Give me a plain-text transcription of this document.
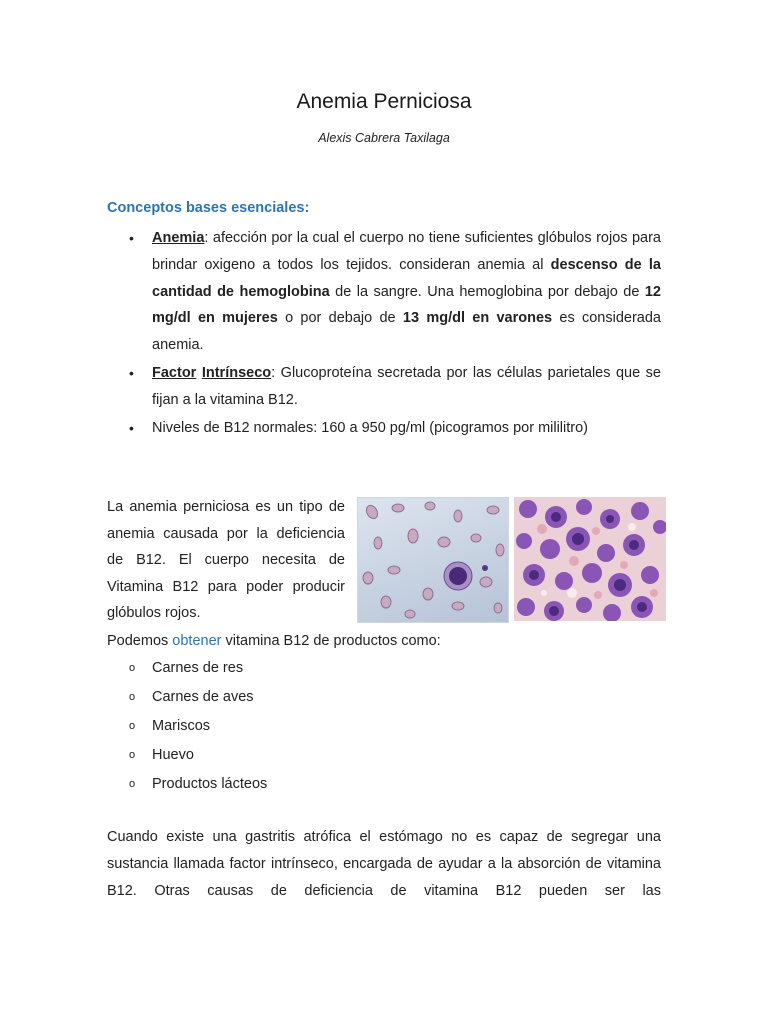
Anemia Perniciosa
Alexis Cabrera Taxilaga
Conceptos bases esenciales:
• Anemia: afección por la cual el cuerpo no tiene suficientes glóbulos rojos para brindar oxigeno a todos los tejidos. consideran anemia al descenso de la cantidad de hemoglobina de la sangre. Una hemoglobina por debajo de 12 mg/dl en mujeres o por debajo de 13 mg/dl en varones es considerada anemia.
• Factor Intrínseco: Glucoproteína secretada por las células parietales que se fijan a la vitamina B12.
• Niveles de B12 normales: 160 a 950 pg/ml (picogramos por mililitro)
La anemia perniciosa es un tipo de anemia causada por la deficiencia de B12. El cuerpo necesita de Vitamina B12 para poder producir glóbulos rojos.
Podemos obtener vitamina B12 de productos como:
o Carnes de res
o Carnes de aves
o Mariscos
o Huevo
o Productos lácteos
Cuando existe una gastritis atrófica el estómago no es capaz de segregar una sustancia llamada factor intrínseco, encargada de ayudar a la absorción de vitamina B12. Otras causas de deficiencia de vitamina B12 pueden ser las
